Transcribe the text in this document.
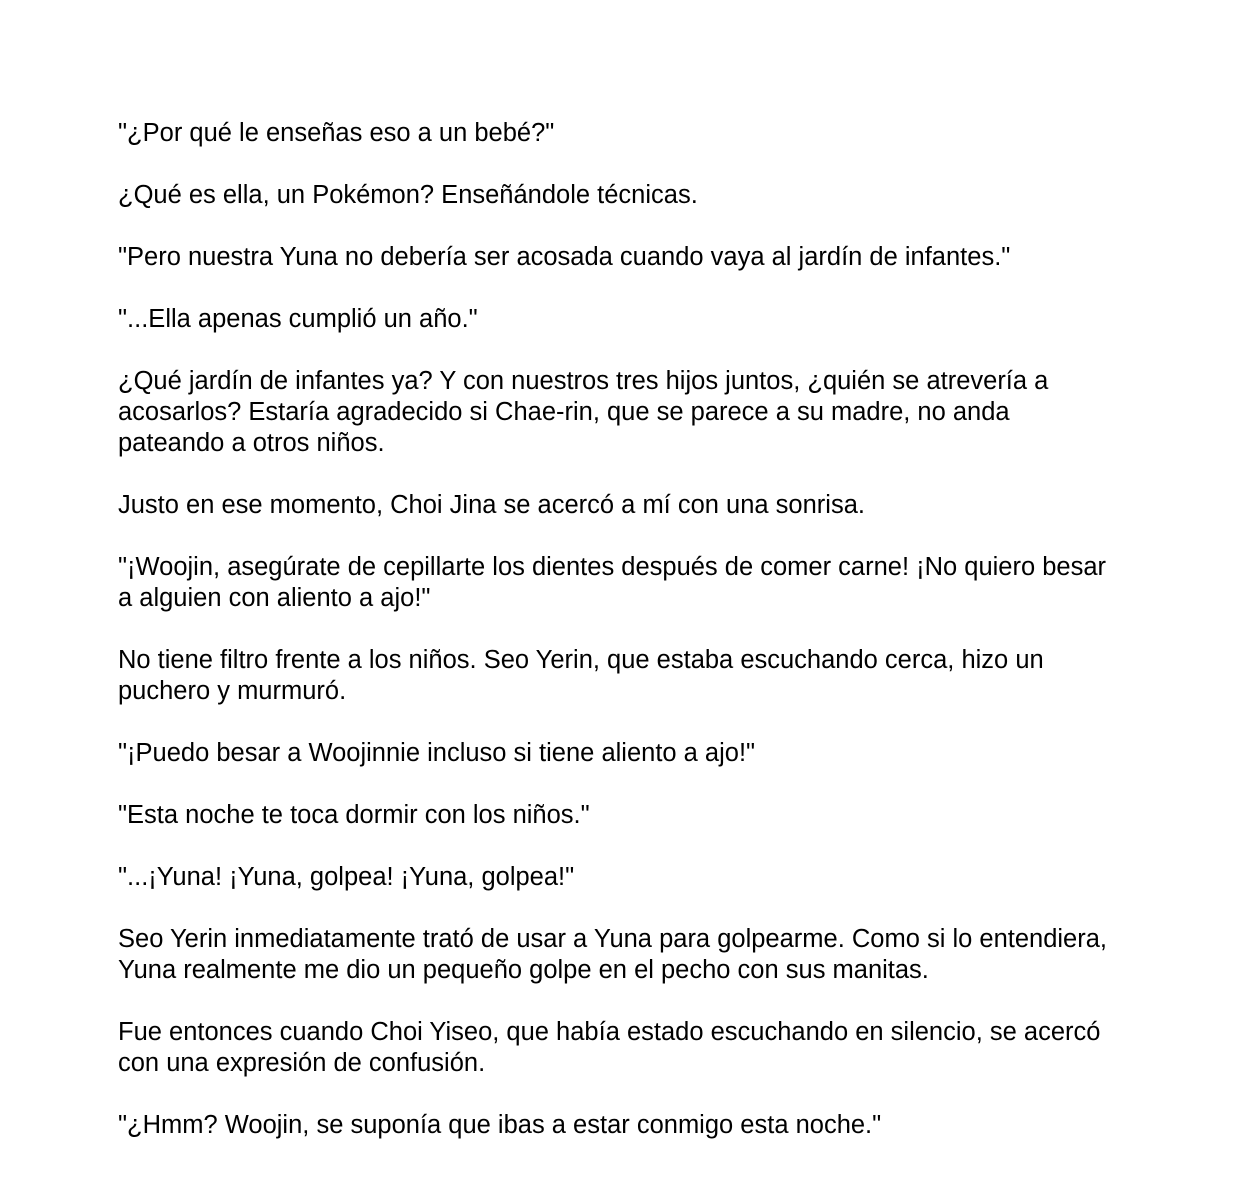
"¿Por qué le enseñas eso a un bebé?"

¿Qué es ella, un Pokémon? Enseñándole técnicas.

"Pero nuestra Yuna no debería ser acosada cuando vaya al jardín de infantes."

"...Ella apenas cumplió un año."

¿Qué jardín de infantes ya? Y con nuestros tres hijos juntos, ¿quién se atrevería a acosarlos? Estaría agradecido si Chae-rin, que se parece a su madre, no anda pateando a otros niños.

Justo en ese momento, Choi Jina se acercó a mí con una sonrisa.

"¡Woojin, asegúrate de cepillarte los dientes después de comer carne! ¡No quiero besar a alguien con aliento a ajo!"

No tiene filtro frente a los niños. Seo Yerin, que estaba escuchando cerca, hizo un puchero y murmuró.

"¡Puedo besar a Woojinnie incluso si tiene aliento a ajo!"

"Esta noche te toca dormir con los niños."

"...¡Yuna! ¡Yuna, golpea! ¡Yuna, golpea!"

Seo Yerin inmediatamente trató de usar a Yuna para golpearme. Como si lo entendiera, Yuna realmente me dio un pequeño golpe en el pecho con sus manitas.

Fue entonces cuando Choi Yiseo, que había estado escuchando en silencio, se acercó con una expresión de confusión.

"¿Hmm? Woojin, se suponía que ibas a estar conmigo esta noche."
